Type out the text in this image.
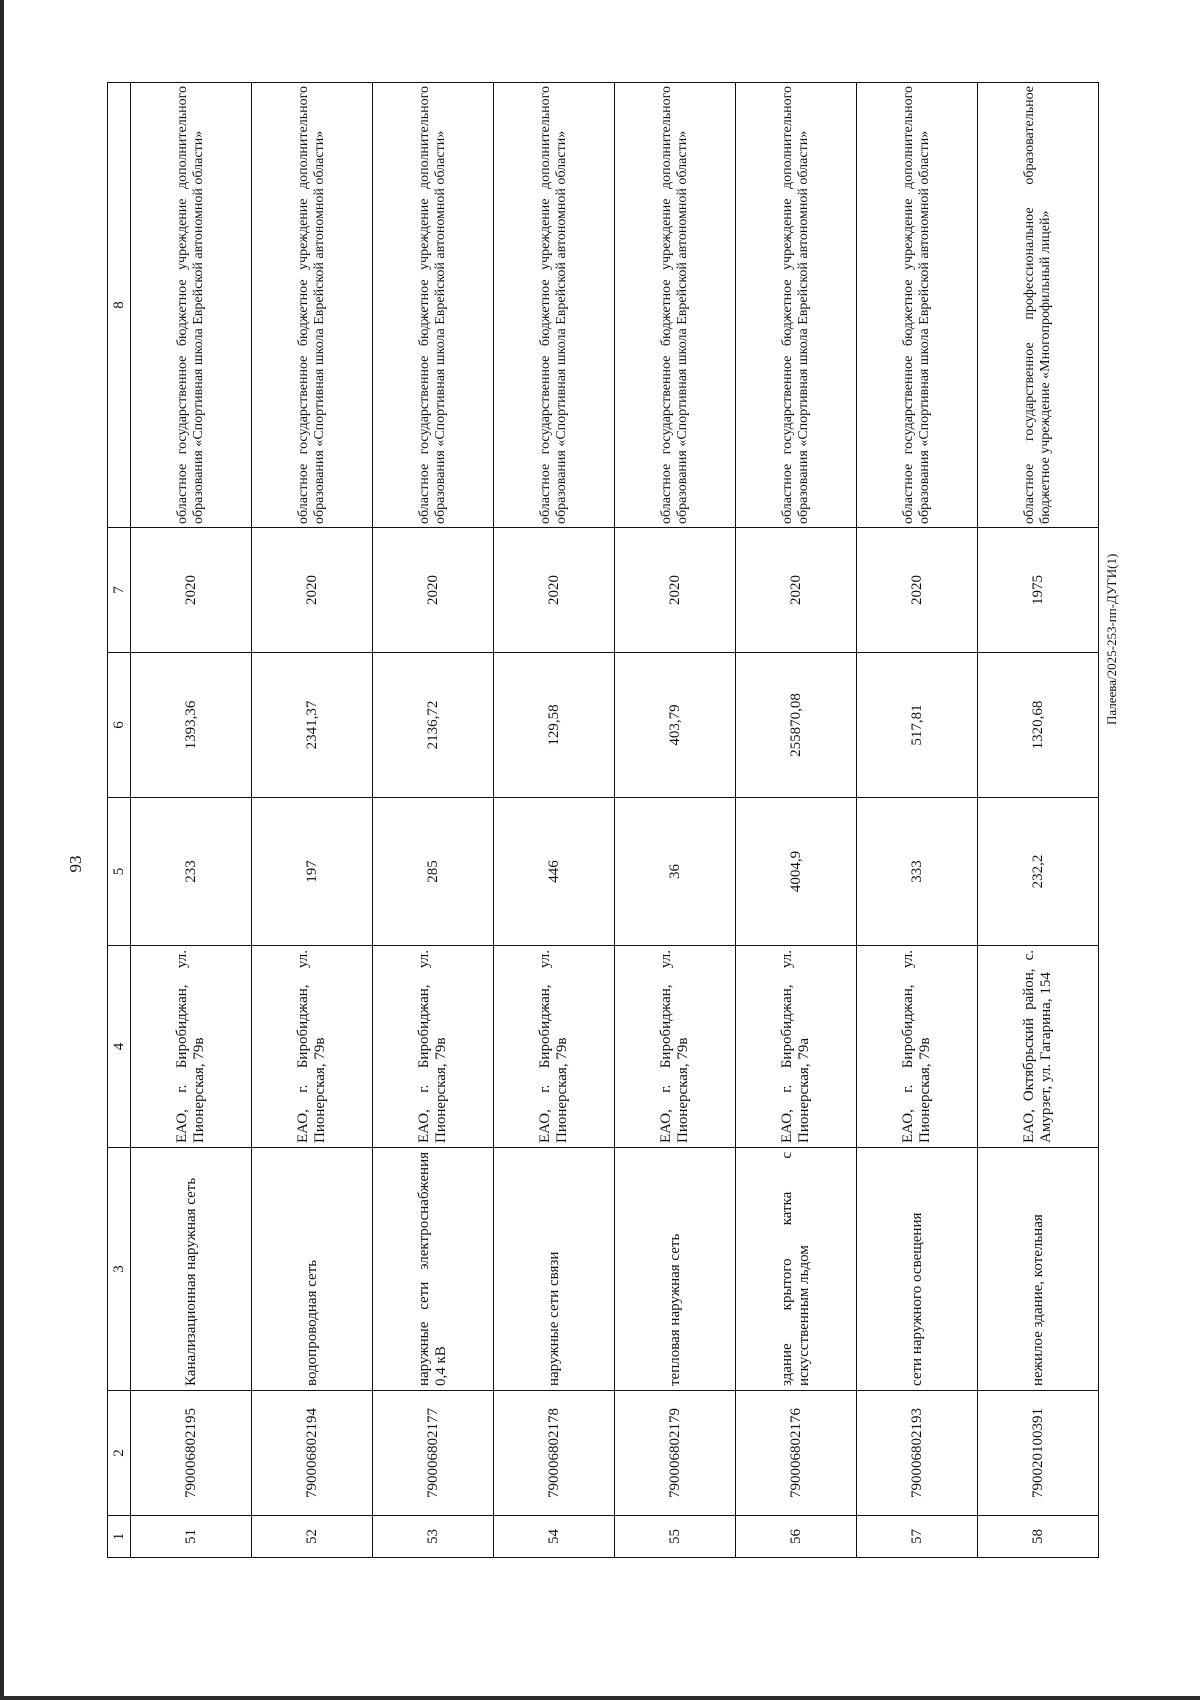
93
Палеева/2025-253-пп-ДУГИ(1)
1	2	3	4	5	6	7	8
51	790006802195	Канализационная наружная сеть	ЕАО, г. Биробиджан, ул. Пионерская, 79в	233	1393,36	2020	областное государственное бюджетное учреждение дополнительного образования «Спортивная школа Еврейской автономной области»
52	790006802194	водопроводная сеть	ЕАО, г. Биробиджан, ул. Пионерская, 79в	197	2341,37	2020	областное государственное бюджетное учреждение дополнительного образования «Спортивная школа Еврейской автономной области»
53	790006802177	наружные сети электроснабжения 0,4 кВ	ЕАО, г. Биробиджан, ул. Пионерская, 79в	285	2136,72	2020	областное государственное бюджетное учреждение дополнительного образования «Спортивная школа Еврейской автономной области»
54	790006802178	наружные сети связи	ЕАО, г. Биробиджан, ул. Пионерская, 79в	446	129,58	2020	областное государственное бюджетное учреждение дополнительного образования «Спортивная школа Еврейской автономной области»
55	790006802179	тепловая наружная сеть	ЕАО, г. Биробиджан, ул. Пионерская, 79в	36	403,79	2020	областное государственное бюджетное учреждение дополнительного образования «Спортивная школа Еврейской автономной области»
56	790006802176	здание крытого катка с искусственным льдом	ЕАО, г. Биробиджан, ул. Пионерская, 79а	4004,9	255870,08	2020	областное государственное бюджетное учреждение дополнительного образования «Спортивная школа Еврейской автономной области»
57	790006802193	сети наружного освещения	ЕАО, г. Биробиджан, ул. Пионерская, 79в	333	517,81	2020	областное государственное бюджетное учреждение дополнительного образования «Спортивная школа Еврейской автономной области»
58	790020100391	нежилое здание, котельная	ЕАО, Октябрьский район, с. Амурзет, ул. Гагарина, 154	232,2	1320,68	1975	областное государственное профессиональное образовательное бюджетное учреждение «Многопрофильный лицей»
